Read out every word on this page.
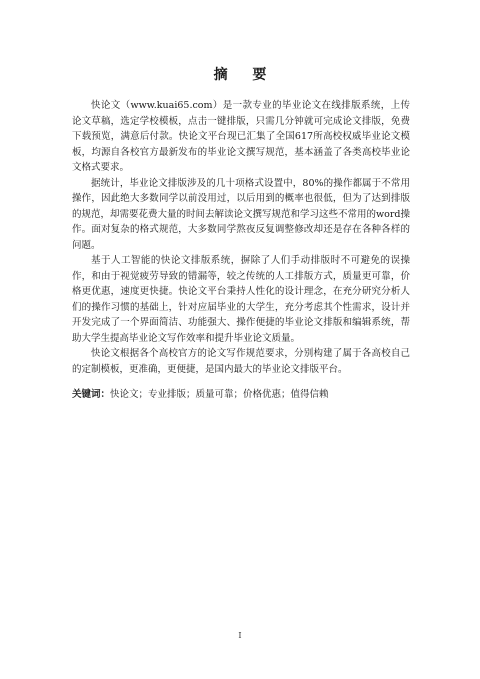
摘 要

快论文（www.kuai65.com）是一款专业的毕业论文在线排版系统，上传论文草稿，选定学校模板，点击一键排版，只需几分钟就可完成论文排版，免费下载预览，满意后付款。快论文平台现已汇集了全国617所高校权威毕业论文模板，均源自各校官方最新发布的毕业论文撰写规范，基本涵盖了各类高校毕业论文格式要求。

据统计，毕业论文排版涉及的几十项格式设置中，80%的操作都属于不常用操作，因此绝大多数同学以前没用过，以后用到的概率也很低，但为了达到排版的规范，却需要花费大量的时间去解读论文撰写规范和学习这些不常用的word操作。面对复杂的格式规范，大多数同学熬夜反复调整修改却还是存在各种各样的问题。

基于人工智能的快论文排版系统，摒除了人们手动排版时不可避免的误操作，和由于视觉疲劳导致的错漏等，较之传统的人工排版方式，质量更可靠，价格更优惠，速度更快捷。快论文平台秉持人性化的设计理念，在充分研究分析人们的操作习惯的基础上，针对应届毕业的大学生，充分考虑其个性需求，设计并开发完成了一个界面简洁、功能强大、操作便捷的毕业论文排版和编辑系统，帮助大学生提高毕业论文写作效率和提升毕业论文质量。

快论文根据各个高校官方的论文写作规范要求，分别构建了属于各高校自己的定制模板，更准确，更便捷，是国内最大的毕业论文排版平台。

关键词：快论文；专业排版；质量可靠；价格优惠；值得信赖

I
